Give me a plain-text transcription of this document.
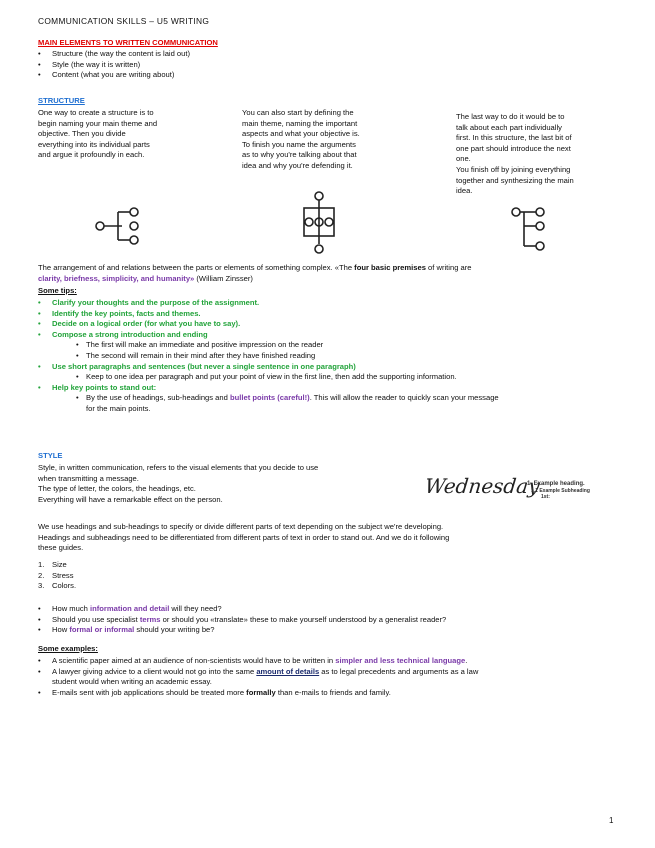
COMMUNICATION SKILLS – U5 WRITING
MAIN ELEMENTS TO WRITTEN COMMUNICATION
• Structure (the way the content is laid out)
• Style (the way it is written)
• Content (what you are writing about)
STRUCTURE
One way to create a structure is to
begin naming your main theme and
objective. Then you divide
everything into its individual parts
and argue it profoundly in each.
You can also start by defining the
main theme, naming the important
aspects and what your objective is.
To finish you name the arguments
as to why you're talking about that
idea and why you're defending it.
The last way to do it would be to
talk about each part individually
first. In this structure, the last bit of
one part should introduce the next
one.
You finish off by joining everything
together and synthesizing the main
idea.
The arrangement of and relations between the parts or elements of something complex. «The four basic premises of writing are
clarity, briefness, simplicity, and humanity» (William Zinsser)
Some tips:
• Clarify your thoughts and the purpose of the assignment.
• Identify the key points, facts and themes.
• Decide on a logical order (for what you have to say).
• Compose a strong introduction and ending
• The first will make an immediate and positive impression on the reader
• The second will remain in their mind after they have finished reading
• Use short paragraphs and sentences (but never a single sentence in one paragraph)
• Keep to one idea per paragraph and put your point of view in the first line, then add the supporting information.
• Help key points to stand out:
• By the use of headings, sub-headings and bullet points (careful!). This will allow the reader to quickly scan your message
for the main points.
STYLE
Style, in written communication, refers to the visual elements that you decide to use
when transmitting a message.
The type of letter, the colors, the headings, etc.
Everything will have a remarkable effect on the person.
Wednesday
1. Example heading.
1.1 Example Subheading
1st:
We use headings and sub-headings to specify or divide different parts of text depending on the subject we're developing.
Headings and subheadings need to be differentiated from different parts of text in order to stand out. And we do it following
these guides.
1. Size
2. Stress
3. Colors.
• How much information and detail will they need?
• Should you use specialist terms or should you «translate» these to make yourself understood by a generalist reader?
• How formal or informal should your writing be?
Some examples:
• A scientific paper aimed at an audience of non-scientists would have to be written in simpler and less technical language.
• A lawyer giving advice to a client would not go into the same amount of details as to legal precedents and arguments as a law
student would when writing an academic essay.
• E-mails sent with job applications should be treated more formally than e-mails to friends and family.
1
